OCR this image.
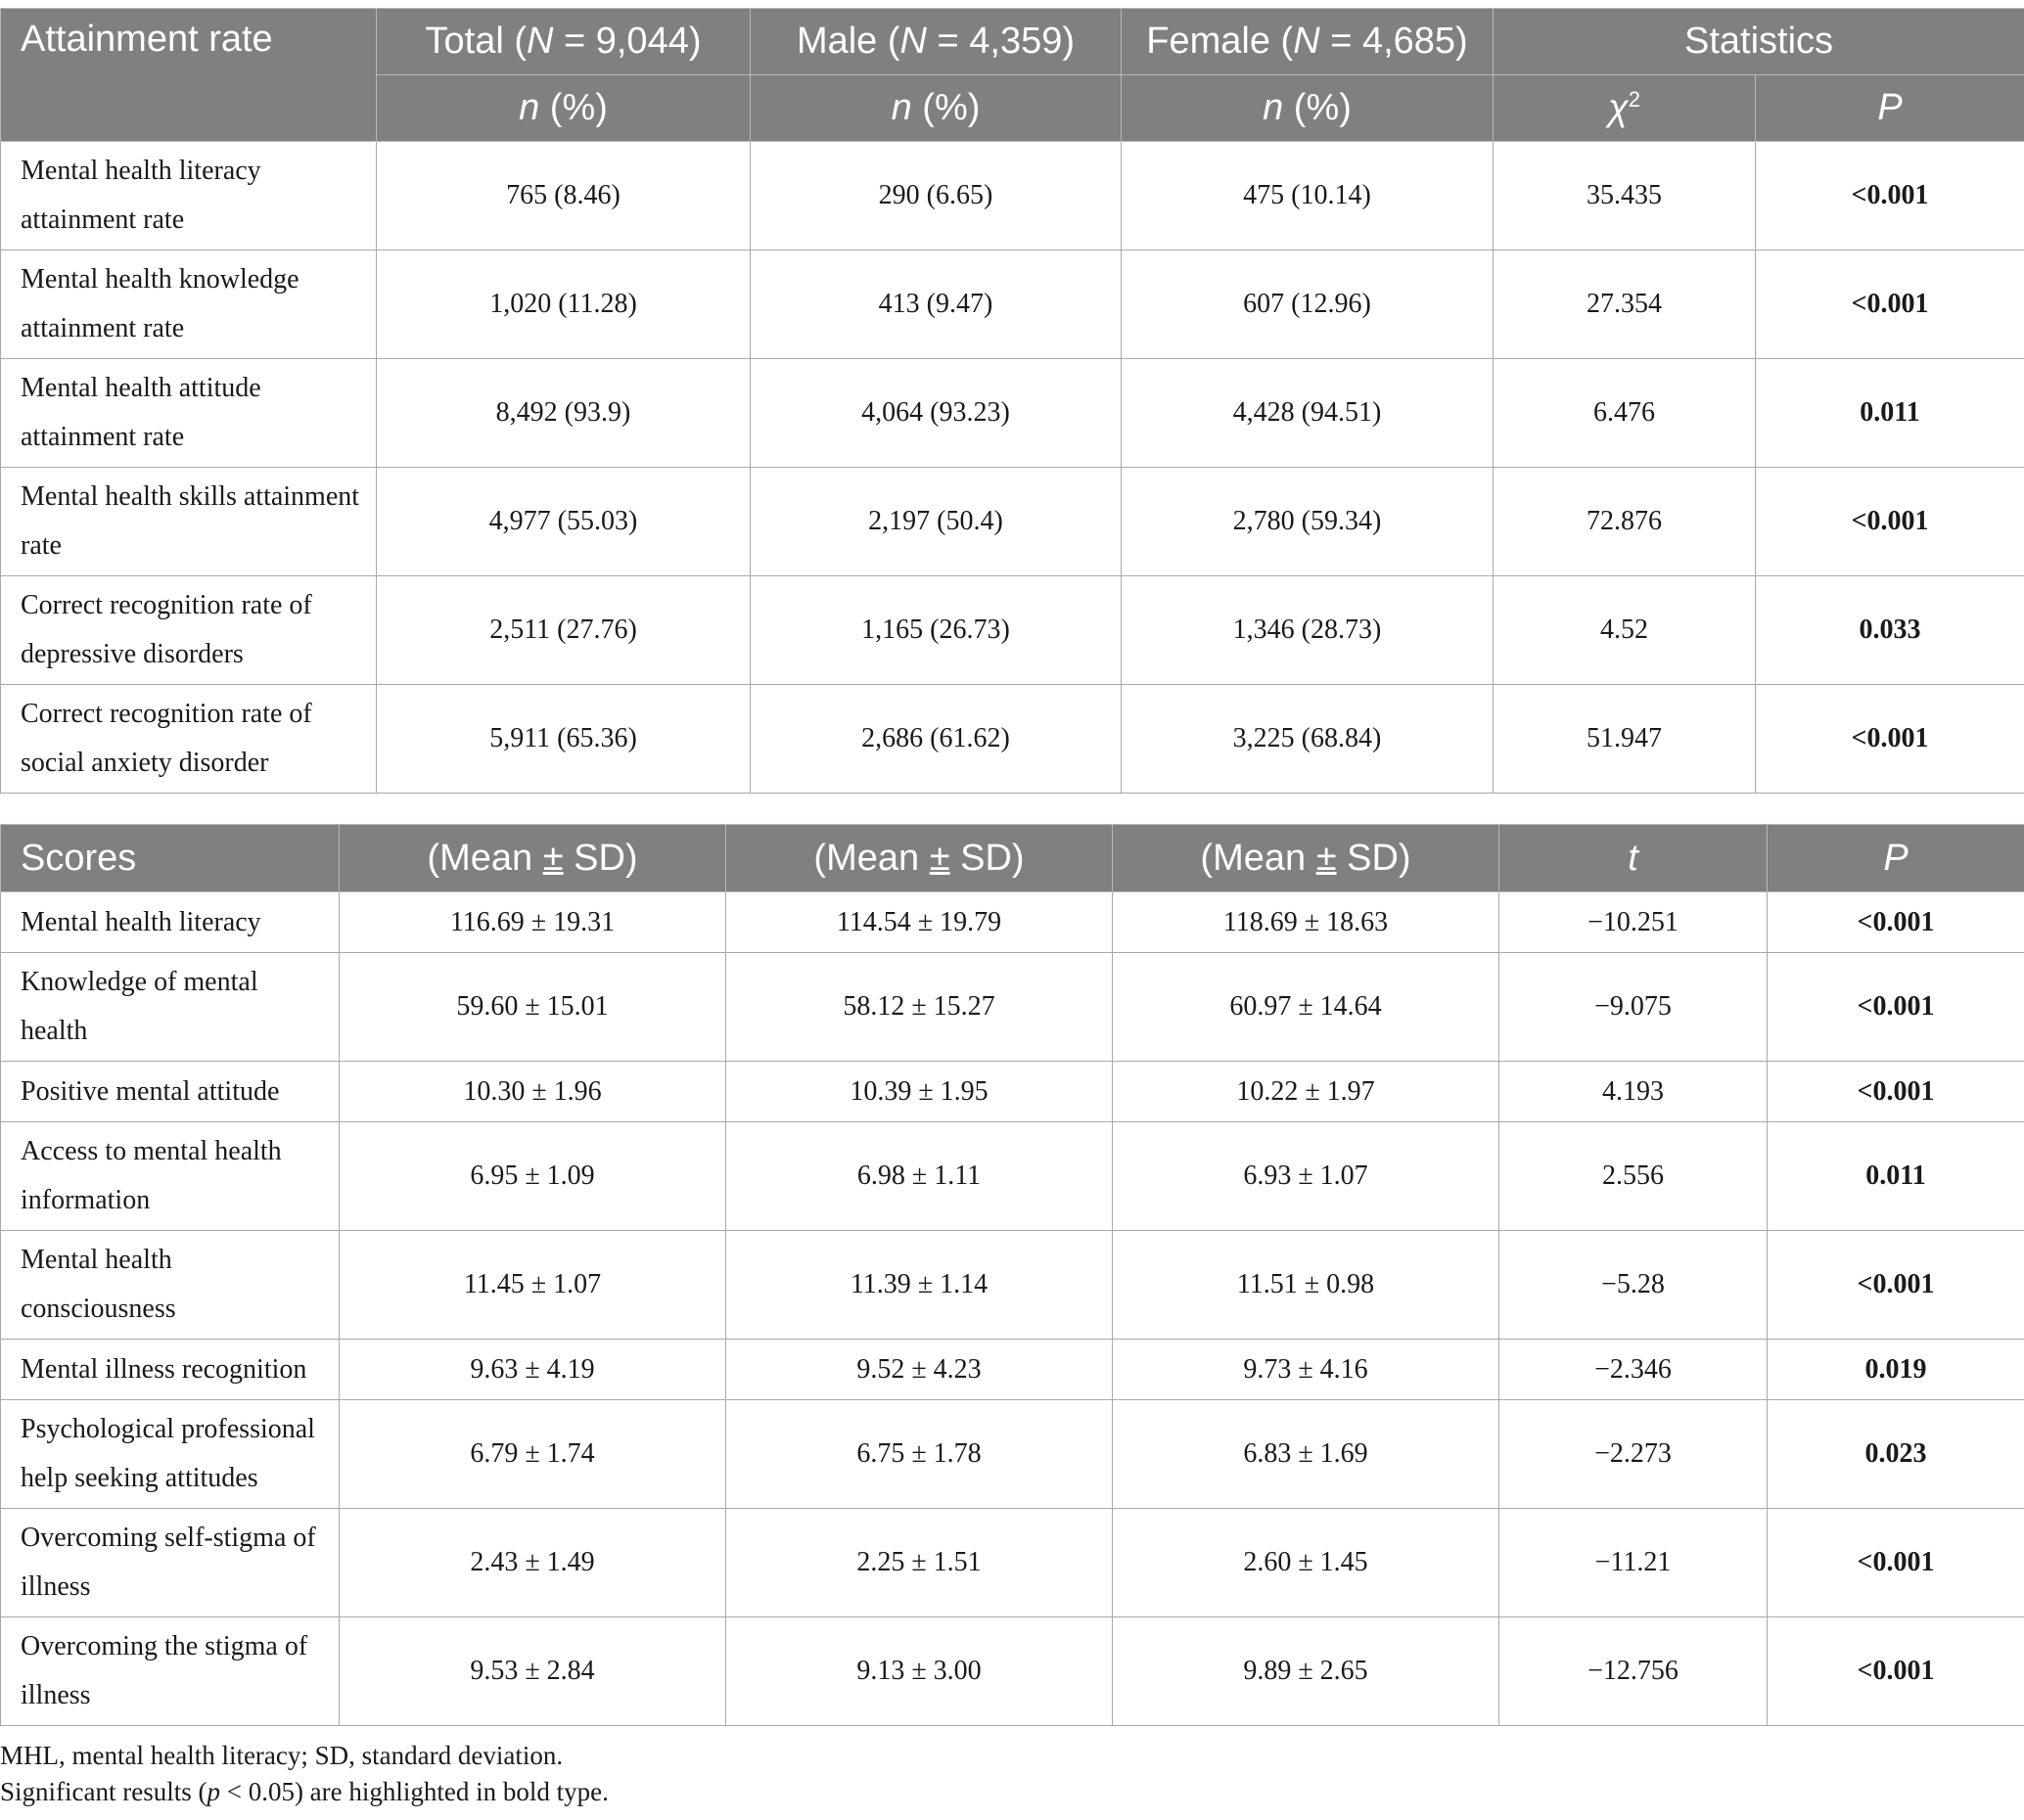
Attainment rate	Total (N = 9,044)	Male (N = 4,359)	Female (N = 4,685)	Statistics	
	n (%)	n (%)	n (%)	$\chi^2$	P
Mental health literacy attainment rate	765 (8.46)	290 (6.65)	475 (10.14)	35.435	<0.001
Mental health knowledge attainment rate	1,020 (11.28)	413 (9.47)	607 (12.96)	27.354	<0.001
Mental health attitude attainment rate	8,492 (93.9)	4,064 (93.23)	4,428 (94.51)	6.476	0.011
Mental health skills attainment rate	4,977 (55.03)	2,197 (50.4)	2,780 (59.34)	72.876	<0.001
Correct recognition rate of depressive disorders	2,511 (27.76)	1,165 (26.73)	1,346 (28.73)	4.52	0.033
Correct recognition rate of social anxiety disorder	5,911 (65.36)	2,686 (61.62)	3,225 (68.84)	51.947	<0.001
Scores	(Mean ± SD)	(Mean ± SD)	(Mean ± SD)	t	P
Mental health literacy	116.69 ± 19.31	114.54 ± 19.79	118.69 ± 18.63	−10.251	<0.001
Knowledge of mental health	59.60 ± 15.01	58.12 ± 15.27	60.97 ± 14.64	−9.075	<0.001
Positive mental attitude	10.30 ± 1.96	10.39 ± 1.95	10.22 ± 1.97	4.193	<0.001
Access to mental health information	6.95 ± 1.09	6.98 ± 1.11	6.93 ± 1.07	2.556	0.011
Mental health consciousness	11.45 ± 1.07	11.39 ± 1.14	11.51 ± 0.98	−5.28	<0.001
Mental illness recognition	9.63 ± 4.19	9.52 ± 4.23	9.73 ± 4.16	−2.346	0.019
Psychological professional help seeking attitudes	6.79 ± 1.74	6.75 ± 1.78	6.83 ± 1.69	−2.273	0.023
Overcoming self-stigma of illness	2.43 ± 1.49	2.25 ± 1.51	2.60 ± 1.45	−11.21	<0.001
Overcoming the stigma of illness	9.53 ± 2.84	9.13 ± 3.00	9.89 ± 2.65	−12.756	<0.001

MHL, mental health literacy; SD, standard deviation.

Significant results (p < 0.05) are highlighted in bold type.
